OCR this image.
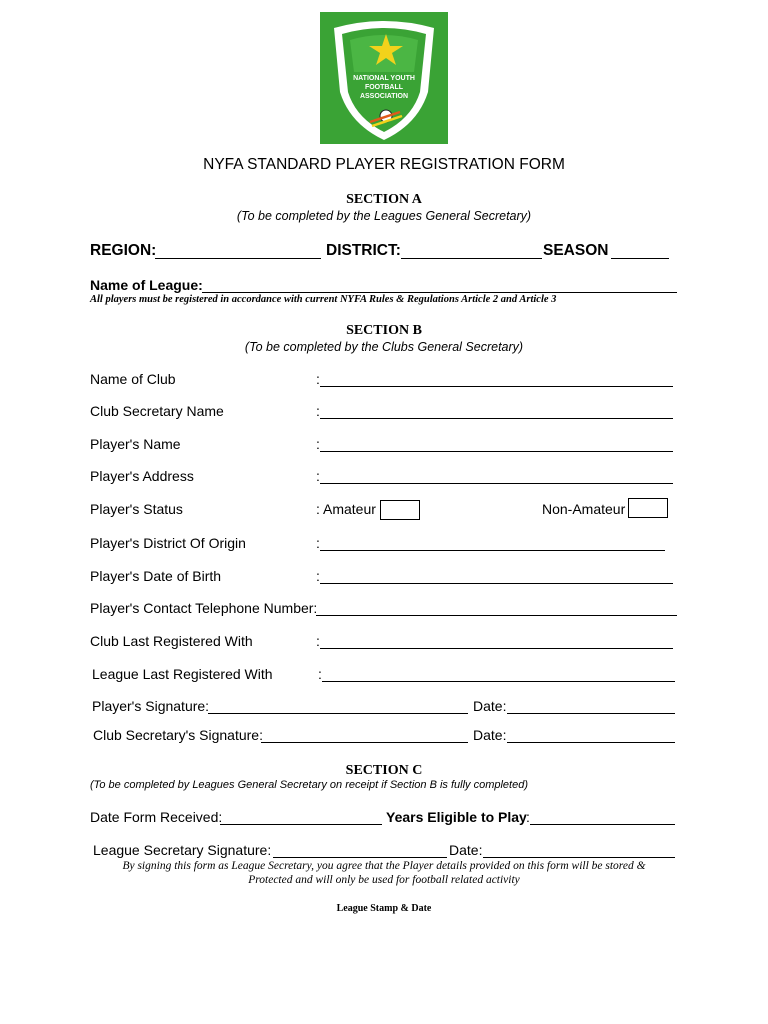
NATIONAL YOUTH
FOOTBALL
ASSOCIATION
NYFA STANDARD PLAYER REGISTRATION FORM
SECTION A
(To be completed by the Leagues General Secretary)
REGION:	DISTRICT:	SEASON
Name of League:
All players must be registered in accordance with current NYFA Rules & Regulations Article 2 and Article 3
SECTION B
(To be completed by the Clubs General Secretary)
Name of Club	:
Club Secretary Name	:
Player's Name	:
Player's Address	:
Player's Status	: Amateur	Non-Amateur
Player's District Of Origin	:
Player's Date of Birth	:
Player's Contact Telephone Number:
Club Last Registered With	:
League Last Registered With	:
Player's Signature:	Date:
Club Secretary's Signature:	Date:
SECTION C
(To be completed by Leagues General Secretary on receipt if Section B is fully completed)
Date Form Received:	Years Eligible to Play :
League Secretary Signature:	Date:
By signing this form as League Secretary, you agree that the Player details provided on this form will be stored &
Protected and will only be used for football related activity
League Stamp & Date
